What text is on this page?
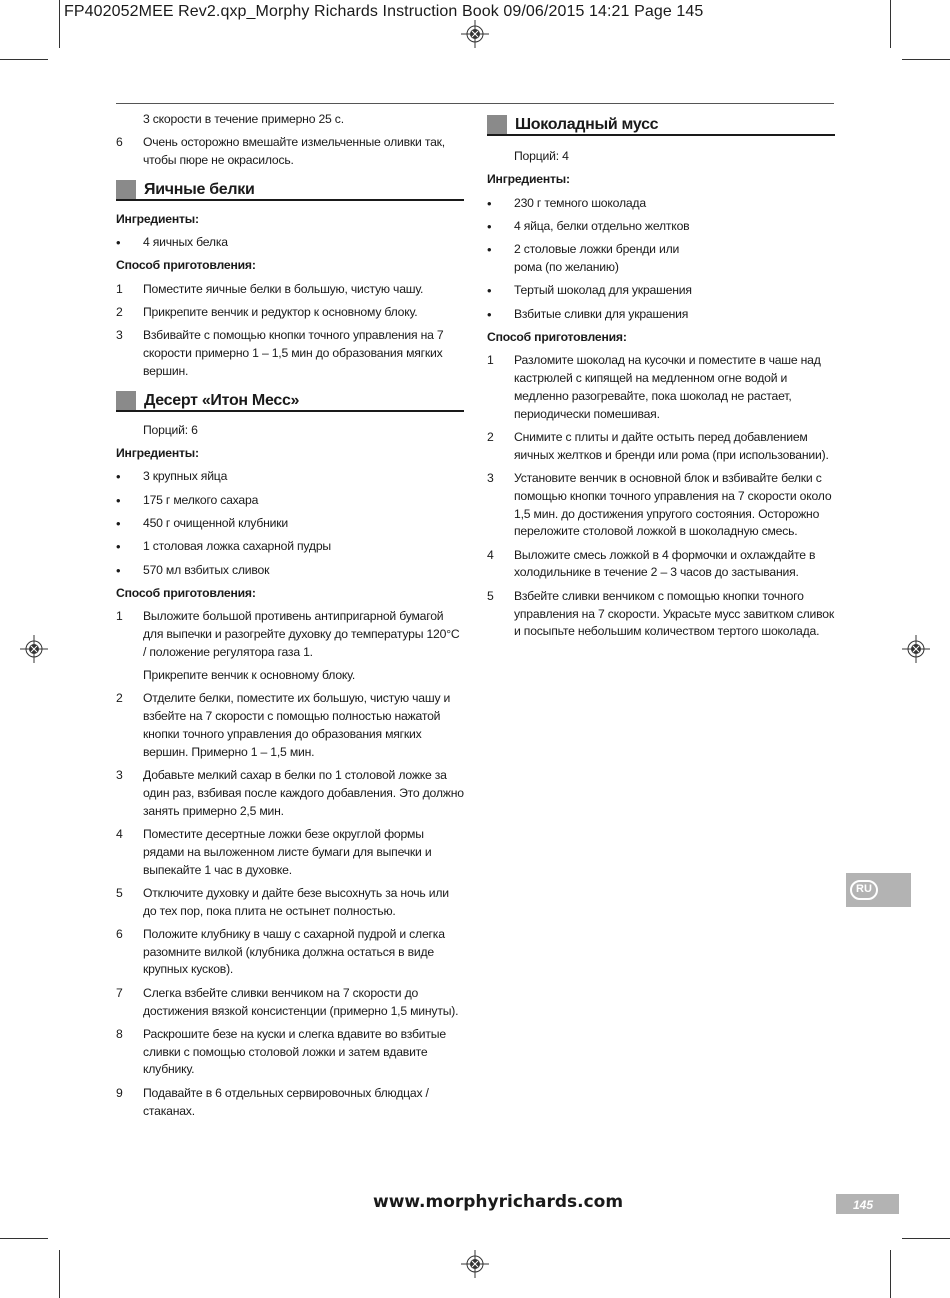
FP402052MEE Rev2.qxp_Morphy Richards Instruction Book 09/06/2015 14:21 Page 145
3 скорости в течение примерно 25 с.
6	Очень осторожно вмешайте измельченные оливки так, чтобы пюре не окрасилось.
Яичные белки
Ингредиенты:
•	4 яичных белка
Способ приготовления:
1	Поместите яичные белки в большую, чистую чашу.
2	Прикрепите венчик и редуктор к основному блоку.
3	Взбивайте с помощью кнопки точного управления на 7 скорости примерно 1 – 1,5 мин до образования мягких вершин.
Десерт «Итон Месс»
Порций: 6
Ингредиенты:
•	3 крупных яйца
•	175 г мелкого сахара
•	450 г очищенной клубники
•	1 столовая ложка сахарной пудры
•	570 мл взбитых сливок
Способ приготовления:
1	Выложите большой противень антипригарной бумагой для выпечки и разогрейте духовку до температуры 120°C / положение регулятора газа 1.
Прикрепите венчик к основному блоку.
2	Отделите белки, поместите их большую, чистую чашу и взбейте на 7 скорости с помощью полностью нажатой кнопки точного управления до образования мягких вершин. Примерно 1 – 1,5 мин.
3	Добавьте мелкий сахар в белки по 1 столовой ложке за один раз, взбивая после каждого добавления. Это должно занять примерно 2,5 мин.
4	Поместите десертные ложки безе округлой формы рядами на выложенном листе бумаги для выпечки и выпекайте 1 час в духовке.
5	Отключите духовку и дайте безе высохнуть за ночь или до тех пор, пока плита не остынет полностью.
6	Положите клубнику в чашу с сахарной пудрой и слегка разомните вилкой (клубника должна остаться в виде крупных кусков).
7	Слегка взбейте сливки венчиком на 7 скорости до достижения вязкой консистенции (примерно 1,5 минуты).
8	Раскрошите безе на куски и слегка вдавите во взбитые сливки с помощью столовой ложки и затем вдавите клубнику.
9	Подавайте в 6 отдельных сервировочных блюдцах / стаканах.
Шоколадный мусс
Порций: 4
Ингредиенты:
•	230 г темного шоколада
•	4 яйца, белки отдельно желтков
•	2 столовые ложки бренди или рома (по желанию)
•	Тертый шоколад для украшения
•	Взбитые сливки для украшения
Способ приготовления:
1	Разломите шоколад на кусочки и поместите в чаше над кастрюлей с кипящей на медленном огне водой и медленно разогревайте, пока шоколад не растает, периодически помешивая.
2	Снимите с плиты и дайте остыть перед добавлением яичных желтков и бренди или рома (при использовании).
3	Установите венчик в основной блок и взбивайте белки с помощью кнопки точного управления на 7 скорости около 1,5 мин. до достижения упругого состояния. Осторожно переложите столовой ложкой в шоколадную смесь.
4	Выложите смесь ложкой в 4 формочки и охлаждайте в холодильнике в течение 2 – 3 часов до застывания.
5	Взбейте сливки венчиком с помощью кнопки точного управления на 7 скорости. Украсьте мусс завитком сливок и посыпьте небольшим количеством тертого шоколада.
RU
www.morphyrichards.com	145
